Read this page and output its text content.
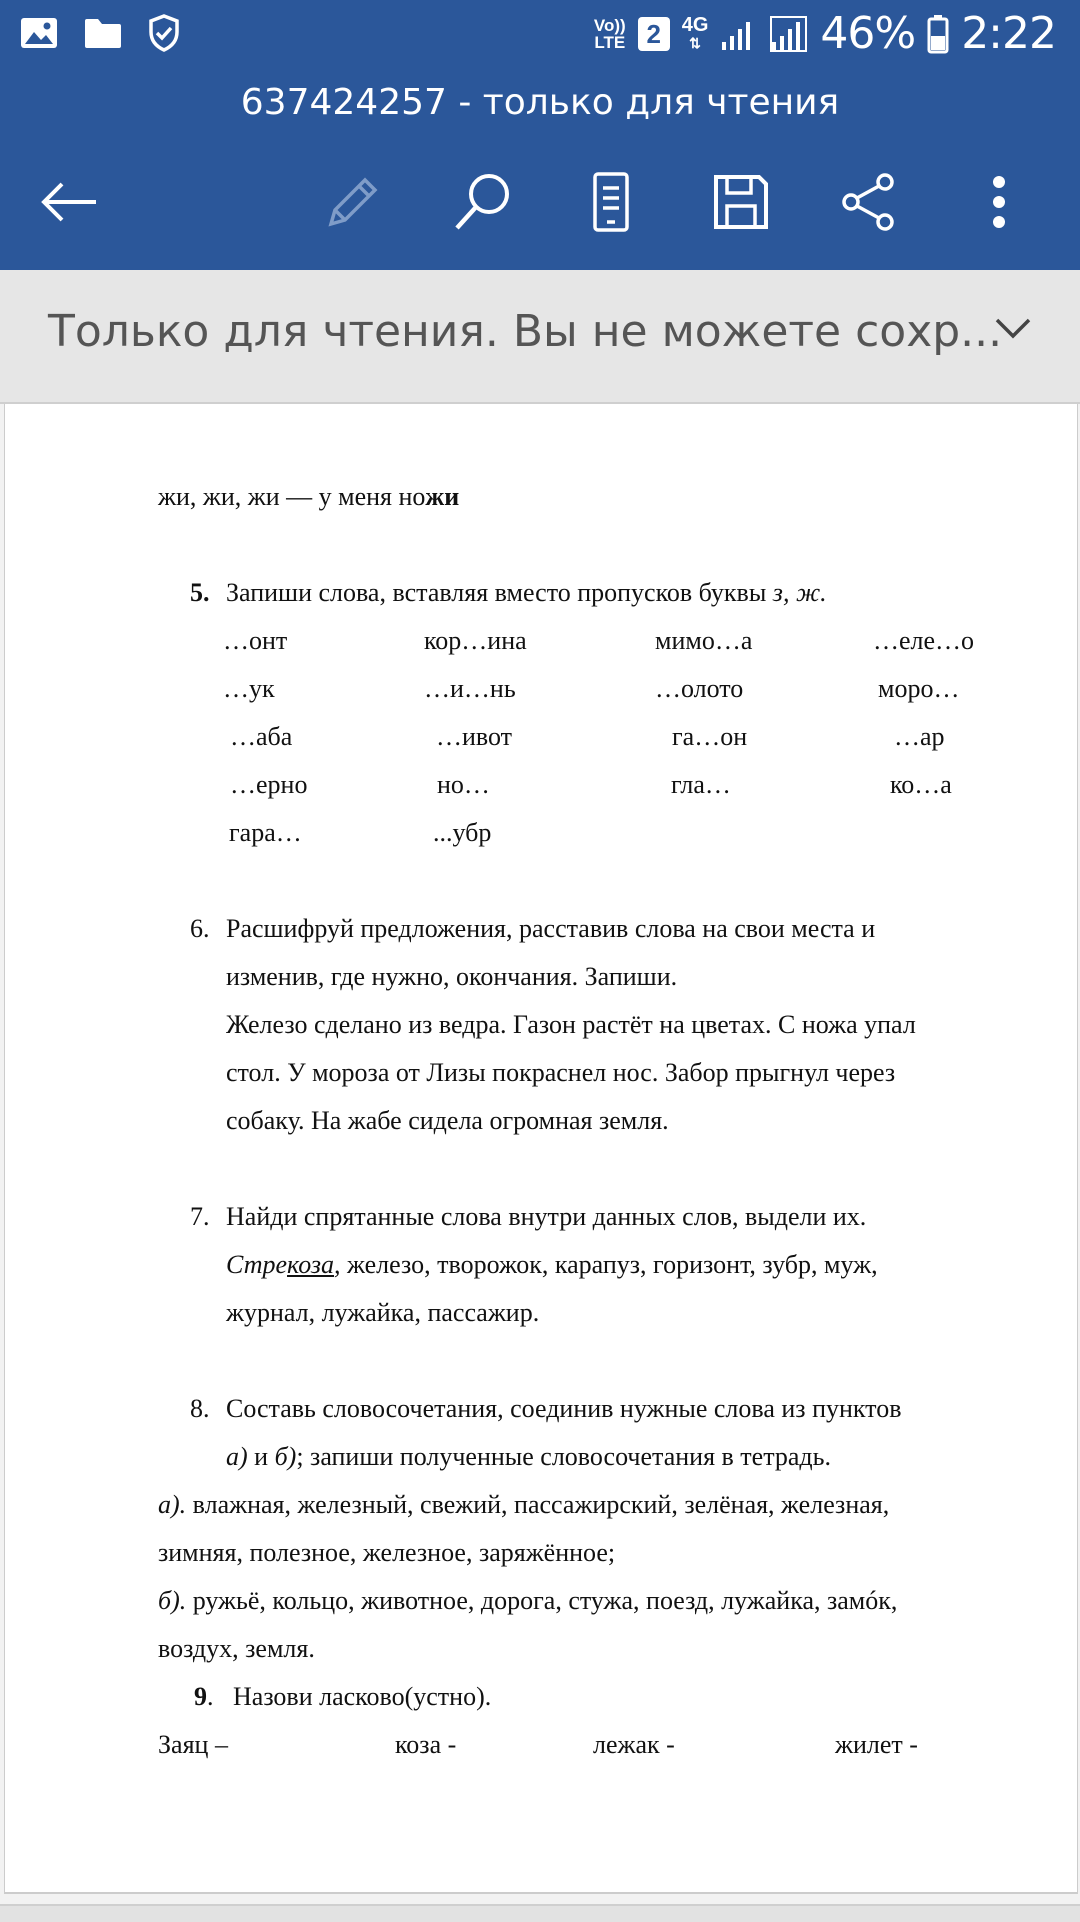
Vo))
LTE 2	4G
⇅	46% 2:22
637424257 - только для чтения
Только для чтения. Вы не можете сохр...
жи, жи, жи — у меня ножи
5. Запиши слова, вставляя вместо пропусков буквы з, ж.
…онт	кор…ина	мимо…а	…еле…о
…ук	…и…нь	…олото	моро…
…аба	…ивот	га…он	…ар
…ерно	но…	гла…	ко…а
гара…	...убр
6. Расшифруй предложения, расставив слова на свои места и
изменив, где нужно, окончания. Запиши.
Железо сделано из ведра. Газон растёт на цветах. С ножа упал
стол. У мороза от Лизы покраснел нос. Забор прыгнул через
собаку. На жабе сидела огромная земля.
7. Найди спрятанные слова внутри данных слов, выдели их.
Стрекоза, железо, творожок, карапуз, горизонт, зубр, муж,
журнал, лужайка, пассажир.
8. Составь словосочетания, соединив нужные слова из пунктов
а) и б); запиши полученные словосочетания в тетрадь.
а). влажная, железный, свежий, пассажирский, зелёная, железная,
зимняя, полезное, железное, заряжённое;
б). ружьё, кольцо, животное, дорога, стужа, поезд, лужайка, замóк,
воздух, земля.
9.   Назови ласково(устно).
Заяц –	коза -	лежак -	жилет -
